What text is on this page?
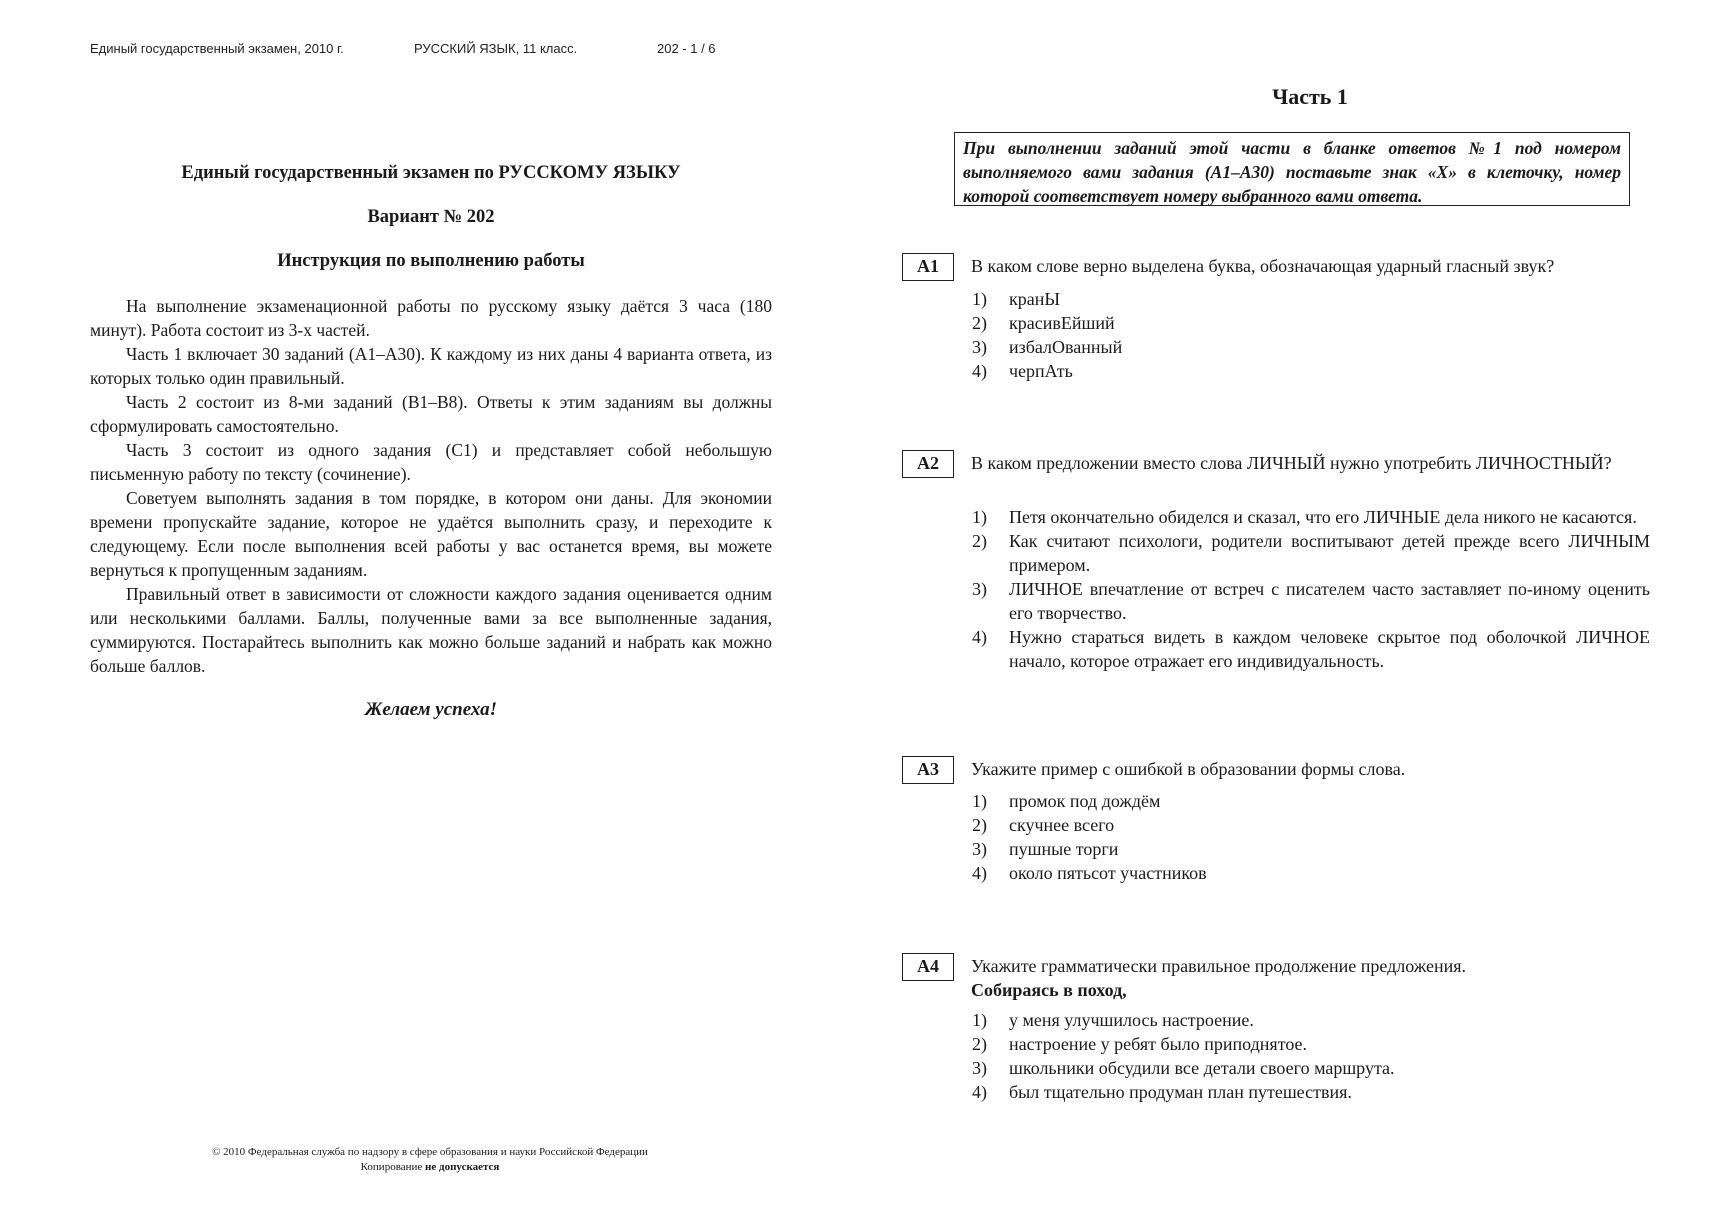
Единый государственный экзамен, 2010 г.	РУССКИЙ ЯЗЫК, 11 класс.	202 - 1 / 6
Единый государственный экзамен по РУССКОМУ ЯЗЫКУ
Вариант № 202
Инструкция по выполнению работы

На выполнение экзаменационной работы по русскому языку даётся 3 часа (180 минут). Работа состоит из 3-х частей.

Часть 1 включает 30 заданий (А1–А30). К каждому из них даны 4 варианта ответа, из которых только один правильный.

Часть 2 состоит из 8-ми заданий (В1–В8). Ответы к этим заданиям вы должны сформулировать самостоятельно.

Часть 3 состоит из одного задания (С1) и представляет собой небольшую письменную работу по тексту (сочинение).

Советуем выполнять задания в том порядке, в котором они даны. Для экономии времени пропускайте задание, которое не удаётся выполнить сразу, и переходите к следующему. Если после выполнения всей работы у вас останется время, вы можете вернуться к пропущенным заданиям.

Правильный ответ в зависимости от сложности каждого задания оценивается одним или несколькими баллами. Баллы, полученные вами за все выполненные задания, суммируются. Постарайтесь выполнить как можно больше заданий и набрать как можно больше баллов.

Желаем успеха!
© 2010 Федеральная служба по надзору в сфере образования и науки Российской Федерации
Копирование не допускается
Часть 1
При выполнении заданий этой части в бланке ответов №1 под номером выполняемого вами задания (А1–А30) поставьте знак «Х» в клеточку, номер которой соответствует номеру выбранного вами ответа.
A1	В каком слове верно выделена буква, обозначающая ударный гласный звук?
1)	кранЫ
2)	красивЕйший
3)	избалОванный
4)	черпАть
A2	В каком предложении вместо слова ЛИЧНЫЙ нужно употребить ЛИЧНОСТНЫЙ?
1)	Петя окончательно обиделся и сказал, что его ЛИЧНЫЕ дела никого не касаются.
2)	Как считают психологи, родители воспитывают детей прежде всего ЛИЧНЫМ примером.
3)	ЛИЧНОЕ впечатление от встреч с писателем часто заставляет по-иному оценить его творчество.
4)	Нужно стараться видеть в каждом человеке скрытое под оболочкой ЛИЧНОЕ начало, которое отражает его индивидуальность.
A3	Укажите пример с ошибкой в образовании формы слова.
1)	промок под дождём
2)	скучнее всего
3)	пушные торги
4)	около пятьсот участников
A4	Укажите грамматически правильное продолжение предложения.
Собираясь в поход,
1)	у меня улучшилось настроение.
2)	настроение у ребят было приподнятое.
3)	школьники обсудили все детали своего маршрута.
4)	был тщательно продуман план путешествия.
